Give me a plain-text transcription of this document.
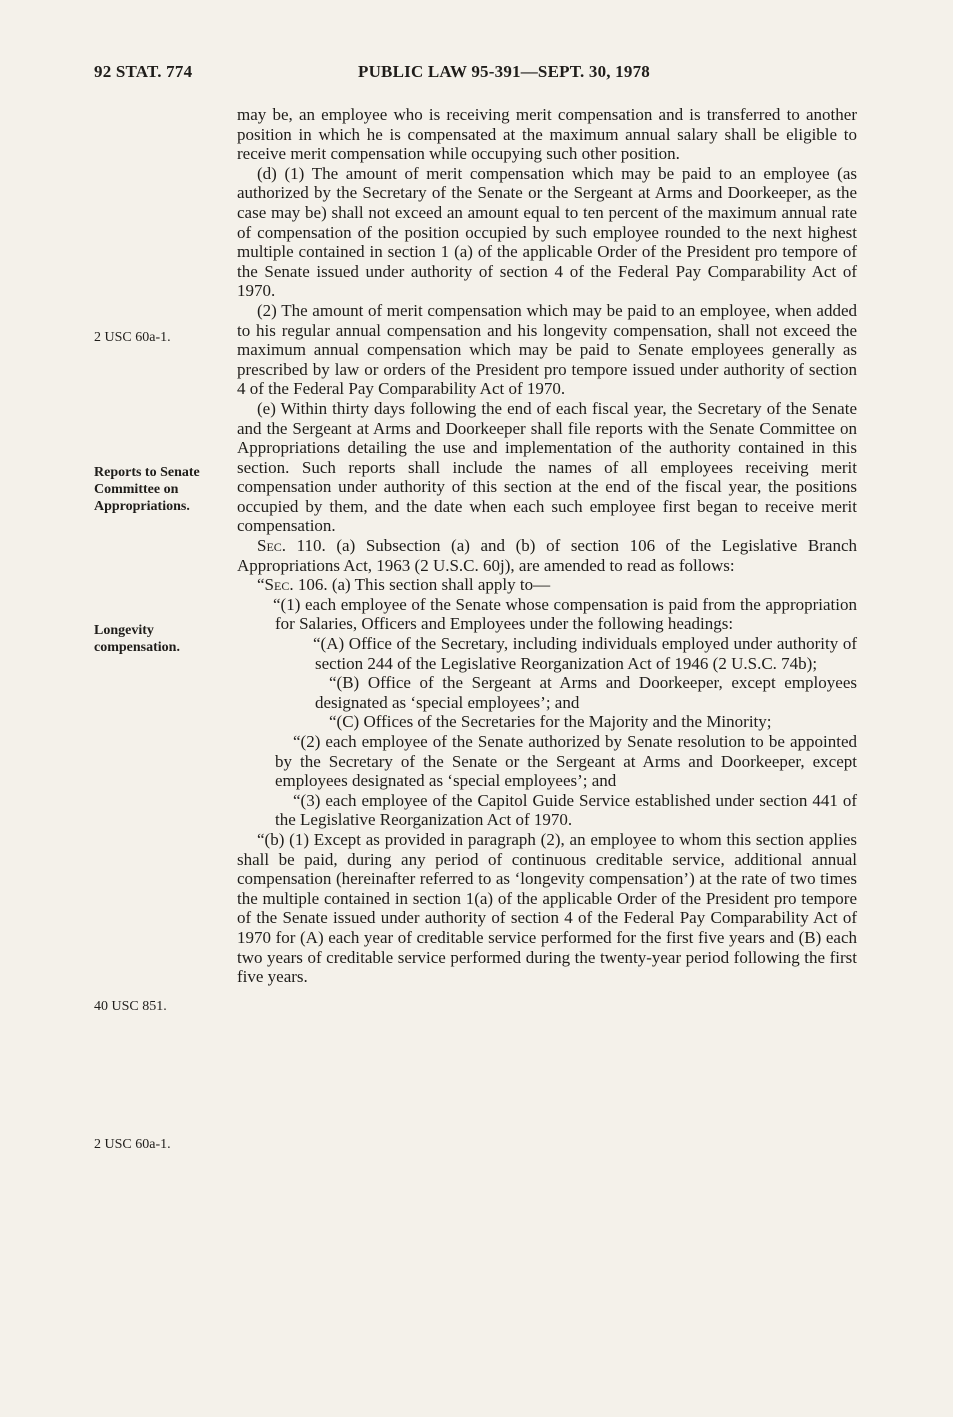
92 STAT. 774	PUBLIC LAW 95-391—SEPT. 30, 1978
2 USC 60a-1.
Reports to Senate Committee on Appropriations.
Longevity compensation.
40 USC 851.
2 USC 60a-1.

may be, an employee who is receiving merit compensation and is transferred to another position in which he is compensated at the maximum annual salary shall be eligible to receive merit compensation while occupying such other position.

(d) (1) The amount of merit compensation which may be paid to an employee (as authorized by the Secretary of the Senate or the Sergeant at Arms and Doorkeeper, as the case may be) shall not exceed an amount equal to ten percent of the maximum annual rate of compensation of the position occupied by such employee rounded to the next highest multiple contained in section 1 (a) of the applicable Order of the President pro tempore of the Senate issued under authority of section 4 of the Federal Pay Comparability Act of 1970.

(2) The amount of merit compensation which may be paid to an employee, when added to his regular annual compensation and his longevity compensation, shall not exceed the maximum annual compensation which may be paid to Senate employees generally as prescribed by law or orders of the President pro tempore issued under authority of section 4 of the Federal Pay Comparability Act of 1970.

(e) Within thirty days following the end of each fiscal year, the Secretary of the Senate and the Sergeant at Arms and Doorkeeper shall file reports with the Senate Committee on Appropriations detailing the use and implementation of the authority contained in this section. Such reports shall include the names of all employees receiving merit compensation under authority of this section at the end of the fiscal year, the positions occupied by them, and the date when each such employee first began to receive merit compensation.

Sec. 110. (a) Subsection (a) and (b) of section 106 of the Legislative Branch Appropriations Act, 1963 (2 U.S.C. 60j), are amended to read as follows:

“Sec. 106. (a) This section shall apply to—

“(1) each employee of the Senate whose compensation is paid from the appropriation for Salaries, Officers and Employees under the following headings:

“(A) Office of the Secretary, including individuals employed under authority of section 244 of the Legislative Reorganization Act of 1946 (2 U.S.C. 74b);

“(B) Office of the Sergeant at Arms and Doorkeeper, except employees designated as ‘special employees’; and

“(C) Offices of the Secretaries for the Majority and the Minority;

“(2) each employee of the Senate authorized by Senate resolution to be appointed by the Secretary of the Senate or the Sergeant at Arms and Doorkeeper, except employees designated as ‘special employees’; and

“(3) each employee of the Capitol Guide Service established under section 441 of the Legislative Reorganization Act of 1970.

“(b) (1) Except as provided in paragraph (2), an employee to whom this section applies shall be paid, during any period of continuous creditable service, additional annual compensation (hereinafter referred to as ‘longevity compensation’) at the rate of two times the multiple contained in section 1(a) of the applicable Order of the President pro tempore of the Senate issued under authority of section 4 of the Federal Pay Comparability Act of 1970 for (A) each year of creditable service performed for the first five years and (B) each two years of creditable service performed during the twenty-year period following the first five years.
